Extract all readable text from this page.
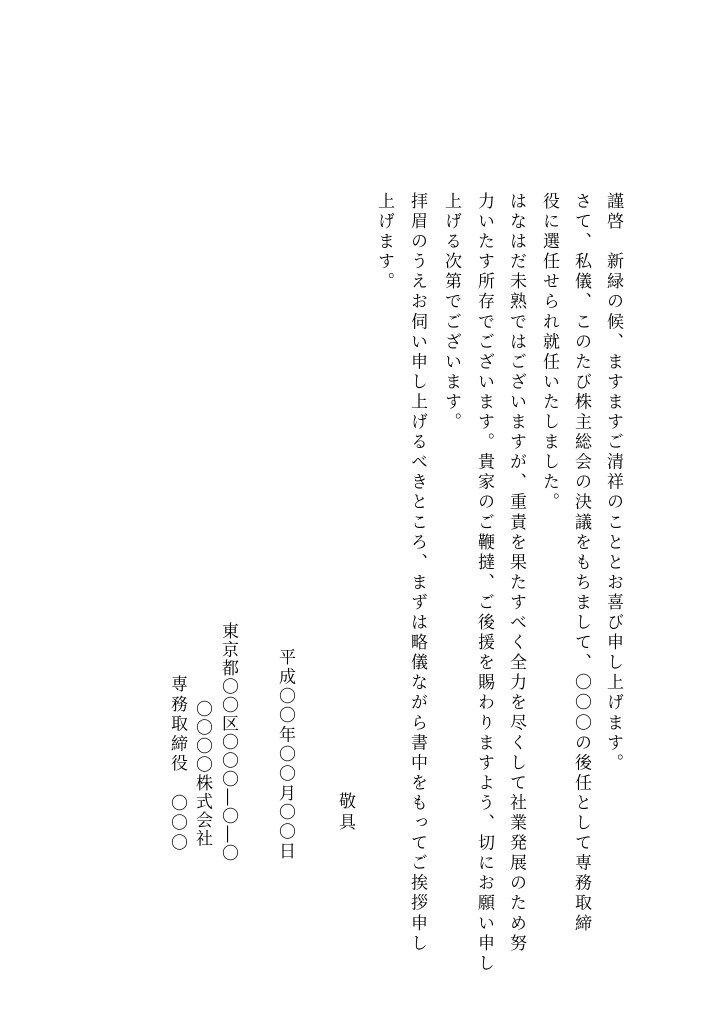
謹啓　新緑の候、ますますご清祥のこととお喜び申し上げます。

さて、私儀、このたび株主総会の決議をもちまして、〇〇〇の後任として専務取締

役に選任せられ就任いたしました。

はなはだ未熟ではございますが、重責を果たすべく全力を尽くして社業発展のため努

力いたす所存でございます。貴家のご鞭撻、ご後援を賜わりますよう、切にお願い申し

上げる次第でございます。

拝眉のうえお伺い申し上げるべきところ、まずは略儀ながら書中をもってご挨拶申し

上げます。

敬具

平成〇〇年〇〇月〇〇日

東京都〇〇区〇〇〇―〇―〇

〇〇〇〇株式会社

専務取締役　〇〇〇
